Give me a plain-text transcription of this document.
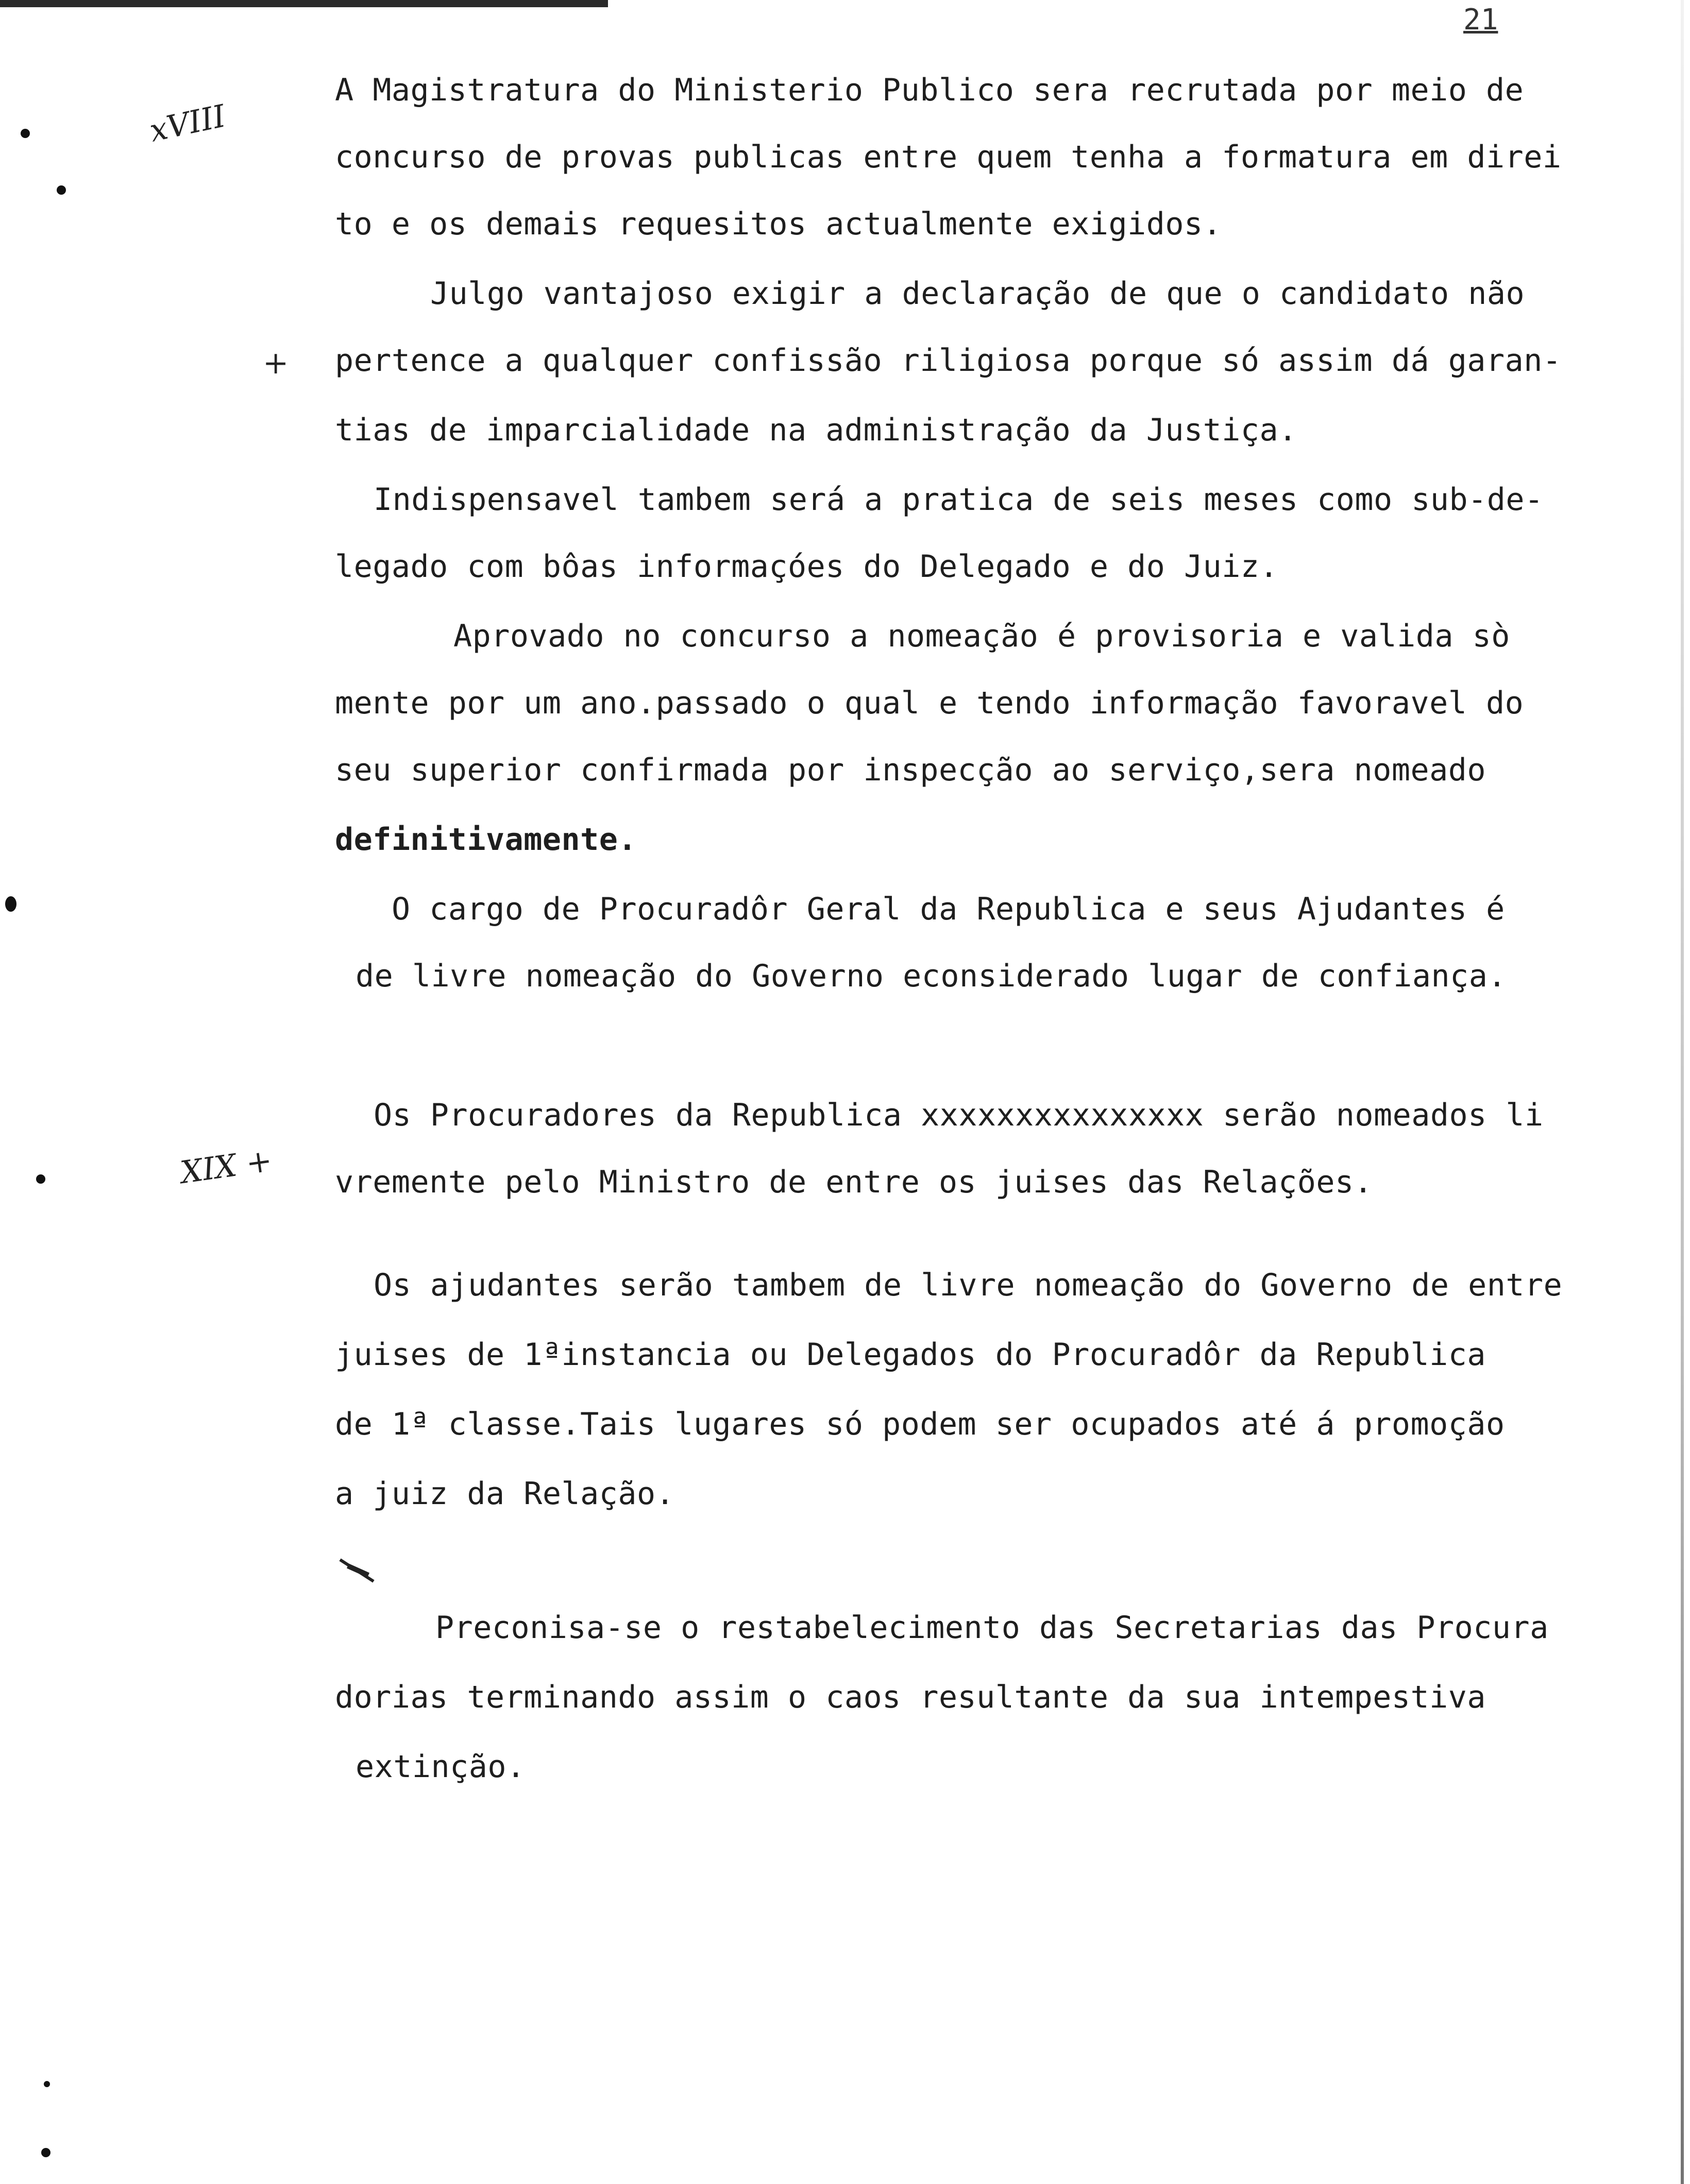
21
xVIII
+
XIX +
A Magistratura do Ministerio Publico sera recrutada por meio de
concurso de provas publicas entre quem tenha a formatura em direi
to e os demais requesitos actualmente exigidos.
Julgo vantajoso exigir a declaração de que o candidato não
pertence a qualquer confissão riligiosa porque só assim dá garan-
tias de imparcialidade na administração da Justiça.
Indispensavel tambem será a pratica de seis meses como sub-de-
legado com bôas informaçóes do Delegado e do Juiz.
Aprovado no concurso a nomeação é provisoria e valida sò
mente por um ano.passado o qual e tendo informação favoravel do
seu superior confirmada por inspecção ao serviço,sera nomeado
definitivamente.
O cargo de Procuradôr Geral da Republica e seus Ajudantes é
de livre nomeação do Governo econsiderado lugar de confiança.
Os Procuradores da Republica xxxxxxxxxxxxxxx serão nomeados li
vremente pelo Ministro de entre os juises das Relações.
Os ajudantes serão tambem de livre nomeação do Governo de entre
juises de 1ªinstancia ou Delegados do Procuradôr da Republica
de 1ª classe.Tais lugares só podem ser ocupados até á promoção
a juiz da Relação.
Preconisa-se o restabelecimento das Secretarias das Procura
dorias terminando assim o caos resultante da sua intempestiva
extinção.
